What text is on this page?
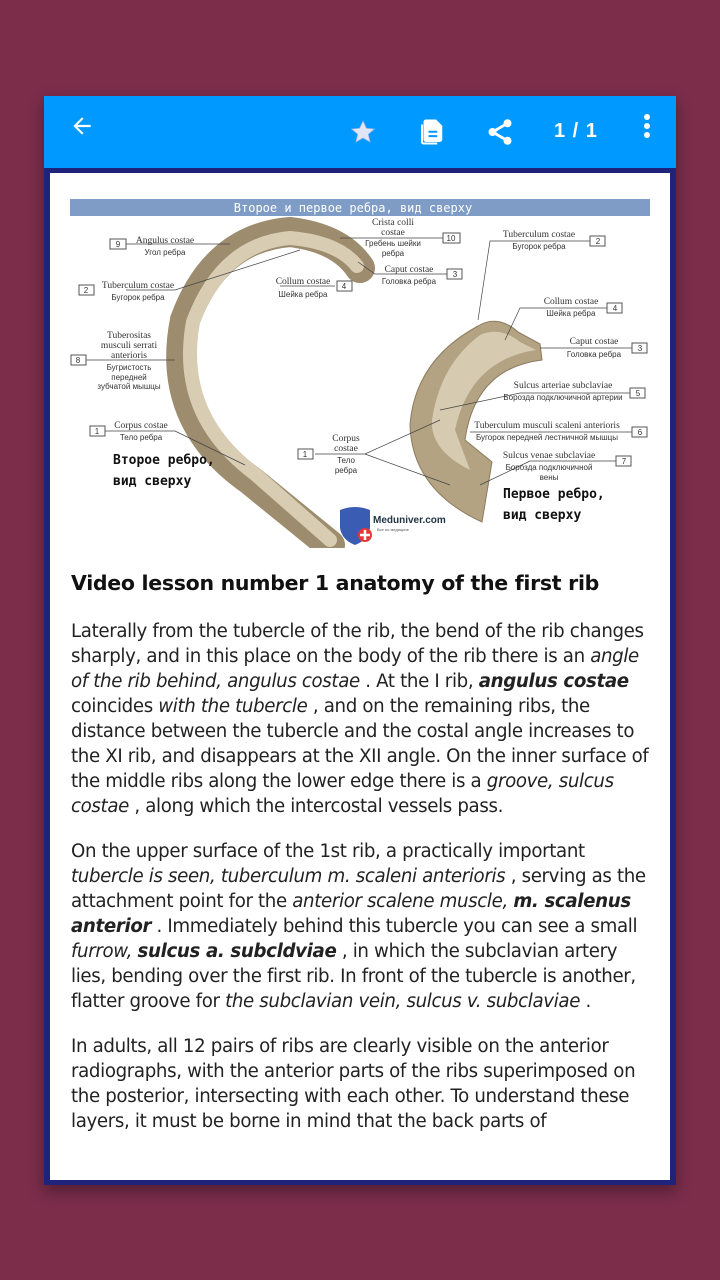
1 / 1
Второе и первое ребра, вид сверху
9 Angulus costae
Угол ребра
10
Crista colli
costae
Гребень шейки
ребра
3
Caput costae
Головка ребра
4
Collum costae
Шейка ребра
2 Tuberculum costae
Бугорок ребра
8
Tuberositas
musculi serrati
anterioris
Бугристость
передней
зубчатой мышцы
1
Corpus costae
Тело ребра
1
Corpus
costae
Тело
ребра
2
Tuberculum costae
Бугорок ребра
4
Collum costae
Шейка ребра
3
Caput costae
Головка ребра
5
Sulcus arteriae subclaviae
Борозда подключичной артерии
6
Tuberculum musculi scaleni anterioris
Бугорок передней лестничной мышцы
7
Sulcus venae subclaviae
Борозда подключичной
вены
Второе ребро,
вид сверху
Первое ребро,
вид сверху
Meduniver.com
Все по медицине
Video lesson number 1 anatomy of the first rib

Laterally from the tubercle of the rib, the bend of the rib changes sharply, and in this place on the body of the rib there is an angle of the rib behind, angulus costae . At the I rib, angulus costae coincides with the tubercle , and on the remaining ribs, the distance between the tubercle and the costal angle increases to the XI rib, and disappears at the XII angle. On the inner surface of the middle ribs along the lower edge there is a groove, sulcus costae , along which the intercostal vessels pass.

On the upper surface of the 1st rib, a practically important tubercle is seen, tuberculum m. scaleni anterioris , serving as the attachment point for the anterior scalene muscle, m. scalenus anterior . Immediately behind this tubercle you can see a small furrow, sulcus a. subcldviae , in which the subclavian artery lies, bending over the first rib. In front of the tubercle is another, flatter groove for the subclavian vein, sulcus v. subclaviae .

In adults, all 12 pairs of ribs are clearly visible on the anterior radiographs, with the anterior parts of the ribs superimposed on the posterior, intersecting with each other. To understand these layers, it must be borne in mind that the back parts of
